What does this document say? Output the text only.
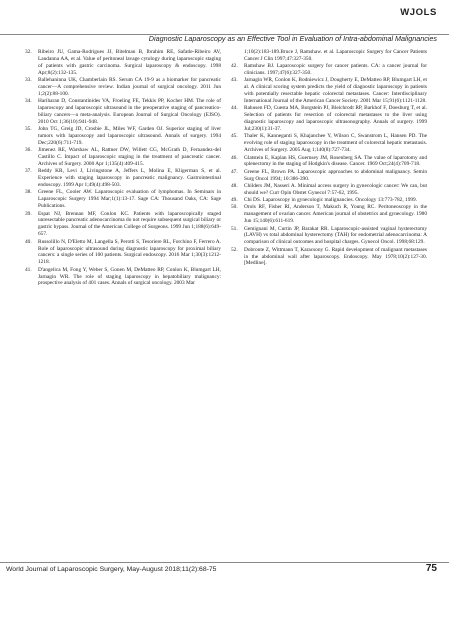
WJOLS
Diagnostic Laparoscopy as an Effective Tool in Evaluation of Intra-abdominal Malignancies
32. Ribeiro JU, Gama-Rodrigues JJ, Bitelman B, Ibrahim RE, Safatle-Ribeiro AV, Laudanna AA, et al. Value of peritoneal lavage cytology during laparoscopic staging of patients with gastric carcinoma. Surgical laparoscopy & endoscopy. 1998 Apr;8(2):132-135.
33. Ballehaninna UK, Chamberlain RS. Serum CA 19-9 as a biomarker for pancreatic cancer—A comprehensive review. Indian journal of surgical oncology. 2011 Jun 1;2(2):88-100.
34. Hariharan D, Constantinides VA, Froeling FE, Tekkis PP, Kocher HM. The role of laparoscopy and laparoscopic ultrasound in the preoperative staging of pancreatico-biliary cancers—a meta-analysis. European Journal of Surgical Oncology (EJSO). 2010 Oct 1;36(10):941-948.
35. John TG, Greig JD, Crosbie JL, Miles WF, Garden OJ. Superior staging of liver tumors with laparoscopy and laparoscopic ultrasound. Annals of surgery. 1994 Dec;220(6):711-719.
36. Jimenez RE, Warshaw AL, Rattner DW, Willett CG, McGrath D, Fernandez-del Castillo C. Impact of laparoscopic staging in the treatment of pancreatic cancer. Archives of Surgery. 2000 Apr 1;135(4):409-415.
37. Reddy KR, Levi J, Livingstone A, Jeffers L, Molina E, Kligerman S, et al. Experience with staging laparoscopy in pancreatic malignancy. Gastrointestinal endoscopy. 1999 Apr 1;49(4):498-503.
38. Greene FL, Cooler AW. Laparoscopic evaluation of lymphomas. In Seminars in Laparoscopic Surgery 1994 Mar;1(1):13-17. Sage CA: Thousand Oaks, CA: Sage Publications.
39. Espat NJ, Brennan MF, Conlon KC. Patients with laparoscopically staged unresectable pancreatic adenocarcinoma do not require subsequent surgical biliary or gastric bypass. Journal of the American College of Surgeons. 1999 Jun 1;188(6):649-657.
40. Russolillo N, D'Eletto M, Langella S, Perotti S, Tesoriere RL, Forchino F, Ferrero A. Role of laparoscopic ultrasound during diagnostic laparoscopy for proximal biliary cancers: a single series of 100 patients. Surgical endoscopy. 2016 Mar 1;30(3):1212-1218.
41. D'angelica M, Fong Y, Weber S, Gonen M, DeMatteo RP, Conlon K, Blumgart LH, Jarnagin WR. The role of staging laparoscopy in hepatobiliary malignancy: prospective analysis of 401 cases. Annals of surgical oncology. 2003 Mar
1;10(2):183-189.Bruce J, Ramshaw. et al. Laparoscopic Surgery for Cancer Patients Cancer J Clin 1997;47:327-350.
42. Ramshaw BJ. Laparoscopic surgery for cancer patients. CA: a cancer journal for clinicians. 1997;47(6):327-350.
43. Jarnagin WR, Conlon K, Bodniewicz J, Dougherty E, DeMatteo RP, Blumgart LH, et al. A clinical scoring system predicts the yield of diagnostic laparoscopy in patients with potentially resectable hepatic colorectal metastases. Cancer: Interdisciplinary International Journal of the American Cancer Society. 2001 Mar 15;91(6):1121-1128.
44. Rahusen FD, Cuesta MA, Borgstein PJ, Bleichrodt RP, Barkhof F, Doesburg T, et al. Selection of patients for resection of colorectal metastases to the liver using diagnostic laparoscopy and laparoscopic ultrasonography. Annals of surgery. 1999 Jul;230(1):31-37.
45. Thaler K, Kanneganti S, Khajanchee Y, Wilson C, Swanstrom L, Hansen PD. The evolving role of staging laparoscopy in the treatment of colorectal hepatic metastasis. Archives of Surgery. 2005 Aug 1;140(8):727-734.
46. Glatstein E, Kaplan HS, Guernsey JM, Rosenberg SA. The value of laparotomy and splenectomy in the staging of Hodgkin's disease. Cancer. 1969 Oct;24(4):709-718.
47. Greene FL, Brown PA. Laparoscopic approaches to abdominal malignancy. Semin Surg Oncol 1994; 10:386-390.
48. Childers JM, Nasseri A. Minimal access surgery in gynecologic cancer: We can, but should we? Curr Opin Obstet Gynecol 7:57-62, 1995.
49. Chi DS. Laparoscopy in gynecologic malignancies. Oncology 13:773-782, 1999.
50. Orols RF, Fisher RI, Anderson T, Makuch R, Young RC. Peritoneoscopy in the management of ovarian cancer. American journal of obstetrics and gynecology. 1980 Jun 15;140(6):611-619.
51. Gemignani M, Curtin JP, Barakat RR. Laparoscopic-assisted vaginal hysterectomy (LAVH) vs total abdominal hysterectomy (TAH) for endometrial adenocarcinoma: A comparison of clinical outcomes and hospital charges. Gynecol Oncol. 1998;68:129.
52. Dobronte Z, Wittmann T, Karacsony G. Rapid development of malignant metastases in the abdominal wall after laparoscopy. Endoscopy. May 1978;10(2):127-30. [Medline].
World Journal of Laparoscopic Surgery, May-August 2018;11(2):68-75	75
